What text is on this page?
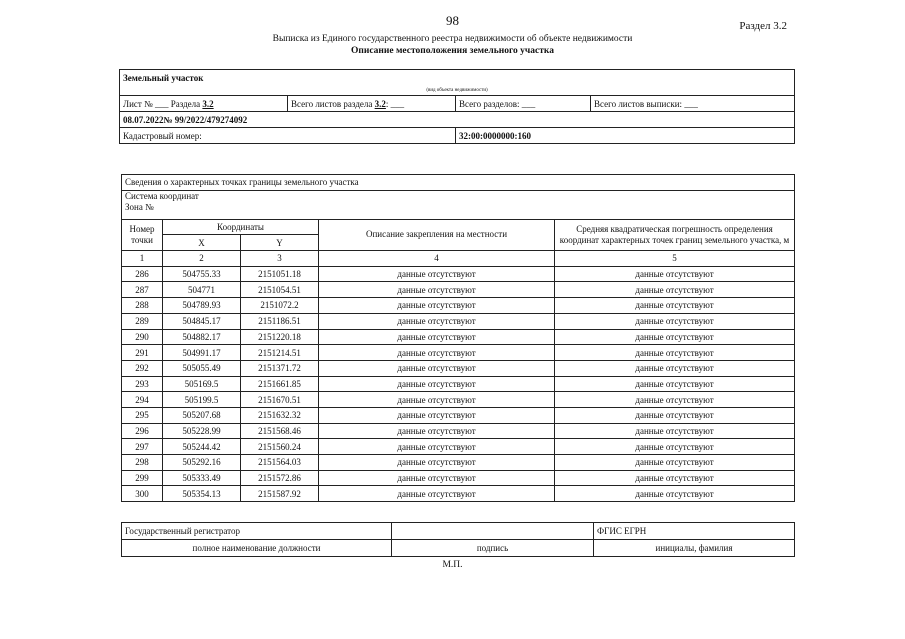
98	Раздел 3.2
Выписка из Единого государственного реестра недвижимости об объекте недвижимости
Описание местоположения земельного участка
Земельный участок			
(вид объекта недвижимости)			
Лист № ___ Раздела 3.2	Всего листов раздела 3.2: ___	Всего разделов: ___	Всего листов выписки: ___
08.07.2022№ 99/2022/479274092			
Кадастровый номер:		32:00:0000000:160	
Сведения о характерных точках границы земельного участка				

Система координат
Зона №				

Номер точки	Координаты		Описание закрепления на местности	Средняя квадратическая погрешность определения координат характерных точек границ земельного участка, м
	X	Y		
1	2	3	4	5
286	504755.33	2151051.18	данные отсутствуют	данные отсутствуют
287	504771	2151054.51	данные отсутствуют	данные отсутствуют
288	504789.93	2151072.2	данные отсутствуют	данные отсутствуют
289	504845.17	2151186.51	данные отсутствуют	данные отсутствуют
290	504882.17	2151220.18	данные отсутствуют	данные отсутствуют
291	504991.17	2151214.51	данные отсутствуют	данные отсутствуют
292	505055.49	2151371.72	данные отсутствуют	данные отсутствуют
293	505169.5	2151661.85	данные отсутствуют	данные отсутствуют
294	505199.5	2151670.51	данные отсутствуют	данные отсутствуют
295	505207.68	2151632.32	данные отсутствуют	данные отсутствуют
296	505228.99	2151568.46	данные отсутствуют	данные отсутствуют
297	505244.42	2151560.24	данные отсутствуют	данные отсутствуют
298	505292.16	2151564.03	данные отсутствуют	данные отсутствуют
299	505333.49	2151572.86	данные отсутствуют	данные отсутствуют
300	505354.13	2151587.92	данные отсутствуют	данные отсутствуют
Государственный регистратор		ФГИС ЕГРН
полное наименование должности	подпись	инициалы, фамилия
М.П.
